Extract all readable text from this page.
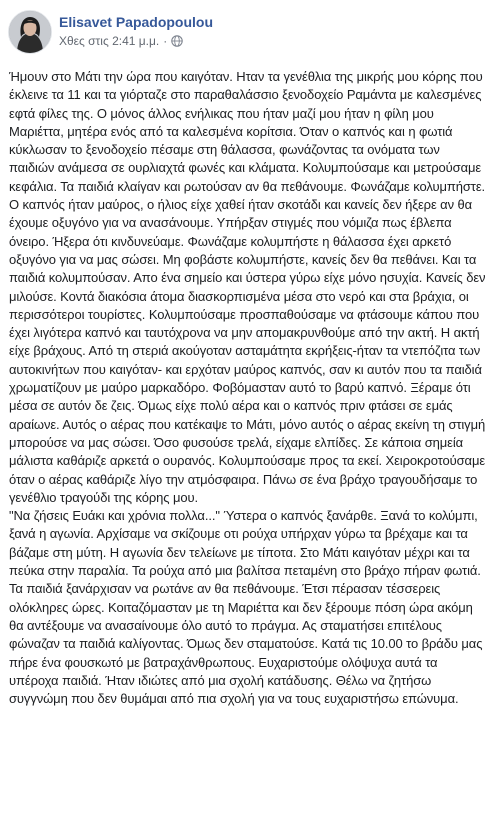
Elisavet Papadopoulou
Χθες στις 2:41 μ.μ. ·

Ήμουν στο Μάτι την ώρα που καιγόταν. Ηταν τα γενέθλια της μικρής μου κόρης που έκλεινε τα 11 και τα γιόρταζε στο παραθαλάσσιο ξενοδοχείο Ραμάντα με καλεσμένες εφτά φίλες της. Ο μόνος άλλος ενήλικας που ήταν μαζί μου ήταν η φίλη μου Μαριέττα, μητέρα ενός από τα καλεσμένα κορίτσια. Όταν ο καπνός και η φωτιά κύκλωσαν το ξενοδοχείο πέσαμε στη θάλασσα, φωνάζοντας τα ονόματα των παιδιών ανάμεσα σε ουρλιαχτά φωνές και κλάματα. Κολυμπούσαμε και μετρούσαμε κεφάλια. Τα παιδιά κλαίγαν και ρωτούσαν αν θα πεθάνουμε. Φωνάζαμε κολυμπήστε. Ο καπνός ήταν μαύρος, ο ήλιος είχε χαθεί ήταν σκοτάδι και κανείς δεν ήξερε αν θα έχουμε οξυγόνο για να ανασάνουμε. Υπήρξαν στιγμές που νόμιζα πως έβλεπα όνειρο. Ήξερα ότι κινδυνεύαμε. Φωνάζαμε κολυμπήστε η θάλασσα έχει αρκετό οξυγόνο για να μας σώσει. Μη φοβάστε κολυμπήστε, κανείς δεν θα πεθάνει. Και τα παιδιά κολυμπούσαν. Απο ένα σημείο και ύστερα γύρω είχε μόνο ησυχία. Κανείς δεν μιλούσε. Κοντά διακόσια άτομα διασκορπισμένα μέσα στο νερό και στα βράχια, οι περισσότεροι τουρίστες. Κολυμπούσαμε προσπαθούσαμε να φτάσουμε κάπου που έχει λιγότερα καπνό και ταυτόχρονα να μην απομακρυνθούμε από την ακτή. Η ακτή είχε βράχους. Από τη στεριά ακούγοταν ασταμάτητα εκρήξεις-ήταν τα ντεπόζιτα των αυτοκινήτων που καιγόταν- και ερχόταν μαύρος καπνός, σαν κι αυτόν που τα παιδιά χρωματίζουν με μαύρο μαρκαδόρο. Φοβόμασταν αυτό το βαρύ καπνό. Ξέραμε ότι μέσα σε αυτόν δε ζεις. Όμως είχε πολύ αέρα και ο καπνός πριν φτάσει σε εμάς αραίωνε. Αυτός ο αέρας που κατέκαψε το Μάτι, μόνο αυτός ο αέρας εκείνη τη στιγμή μπορούσε να μας σώσει. Όσο φυσούσε τρελά, είχαμε ελπίδες. Σε κάποια σημεία μάλιστα καθάριζε αρκετά ο ουρανός. Κολυμπούσαμε προς τα εκεί. Χειροκροτούσαμε όταν ο αέρας καθάριζε λίγο την ατμόσφαιρα. Πάνω σε ένα βράχο τραγουδήσαμε το γενέθλιο τραγούδι της κόρης μου.

"Να ζήσεις Ευάκι και χρόνια πολλα..." Ύστερα ο καπνός ξανάρθε. Ξανά το κολύμπι, ξανά η αγωνία. Αρχίσαμε να σκίζουμε οτι ρούχα υπήρχαν γύρω τα βρέχαμε και τα βάζαμε στη μύτη. Η αγωνία δεν τελείωνε με τίποτα. Στο Μάτι καιγόταν μέχρι και τα πεύκα στην παραλία. Τα ρούχα από μια βαλίτσα πεταμένη στο βράχο πήραν φωτιά. Τα παιδιά ξανάρχισαν να ρωτάνε αν θα πεθάνουμε. Έτσι πέρασαν τέσσερεις ολόκληρες ώρες. Κοιταζόμασταν με τη Μαριέττα και δεν ξέρουμε πόση ώρα ακόμη θα αντέξουμε να ανασαίνουμε όλο αυτό το πράγμα. Ας σταματήσει επιτέλους φώναζαν τα παιδιά καλίγοντας. Όμως δεν σταματούσε. Κατά τις 10.00 το βράδυ μας πήρε ένα φουσκωτό με βατραχάνθρωπους. Ευχαριστούμε ολόψυχα αυτά τα υπέροχα παιδιά. Ήταν ιδιώτες από μια σχολή κατάδυσης. Θέλω να ζητήσω συγγνώμη που δεν θυμάμαι από πια σχολή για να τους ευχαριστήσω επώνυμα.
